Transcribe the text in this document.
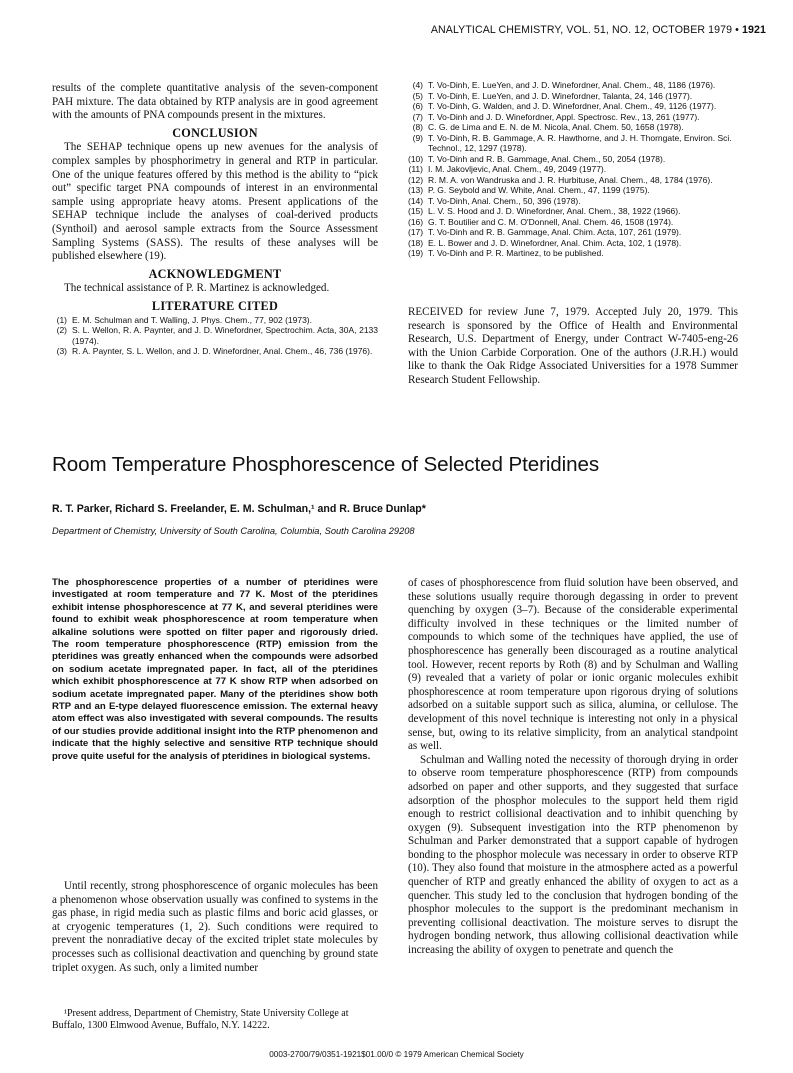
ANALYTICAL CHEMISTRY, VOL. 51, NO. 12, OCTOBER 1979 • 1921

results of the complete quantitative analysis of the seven-component PAH mixture. The data obtained by RTP analysis are in good agreement with the amounts of PNA compounds present in the mixtures.

CONCLUSION

The SEHAP technique opens up new avenues for the analysis of complex samples by phosphorimetry in general and RTP in particular. One of the unique features offered by this method is the ability to “pick out” specific target PNA compounds of interest in an environmental sample using appropriate heavy atoms. Present applications of the SEHAP technique include the analyses of coal-derived products (Synthoil) and aerosol sample extracts from the Source Assessment Sampling Systems (SASS). The results of these analyses will be published elsewhere (19).

ACKNOWLEDGMENT

The technical assistance of P. R. Martinez is acknowledged.

LITERATURE CITED
(1) E. M. Schulman and T. Walling, J. Phys. Chem., 77, 902 (1973).
(2) S. L. Wellon, R. A. Paynter, and J. D. Winefordner, Spectrochim. Acta, 30A, 2133 (1974).
(3) R. A. Paynter, S. L. Wellon, and J. D. Winefordner, Anal. Chem., 46, 736 (1976).
(4) T. Vo-Dinh, E. LueYen, and J. D. Winefordner, Anal. Chem., 48, 1186 (1976).
(5) T. Vo-Dinh, E. LueYen, and J. D. Winefordner, Talanta, 24, 146 (1977).
(6) T. Vo-Dinh, G. Walden, and J. D. Winefordner, Anal. Chem., 49, 1126 (1977).
(7) T. Vo-Dinh and J. D. Winefordner, Appl. Spectrosc. Rev., 13, 261 (1977).
(8) C. G. de Lima and E. N. de M. Nicola, Anal. Chem. 50, 1658 (1978).
(9) T. Vo-Dinh, R. B. Gammage, A. R. Hawthorne, and J. H. Thorngate, Environ. Sci. Technol., 12, 1297 (1978).
(10) T. Vo-Dinh and R. B. Gammage, Anal. Chem., 50, 2054 (1978).
(11) I. M. Jakovljevic, Anal. Chem., 49, 2049 (1977).
(12) R. M. A. von Wandruska and J. R. Hurbituse, Anal. Chem., 48, 1784 (1976).
(13) P. G. Seybold and W. White, Anal. Chem., 47, 1199 (1975).
(14) T. Vo-Dinh, Anal. Chem., 50, 396 (1978).
(15) L. V. S. Hood and J. D. Winefordner, Anal. Chem., 38, 1922 (1966).
(16) G. T. Boutilier and C. M. O'Donnell, Anal. Chem. 46, 1508 (1974).
(17) T. Vo-Dinh and R. B. Gammage, Anal. Chim. Acta, 107, 261 (1979).
(18) E. L. Bower and J. D. Winefordner, Anal. Chim. Acta, 102, 1 (1978).
(19) T. Vo-Dinh and P. R. Martinez, to be published.

RECEIVED for review June 7, 1979. Accepted July 20, 1979. This research is sponsored by the Office of Health and Environmental Research, U.S. Department of Energy, under Contract W-7405-eng-26 with the Union Carbide Corporation. One of the authors (J.R.H.) would like to thank the Oak Ridge Associated Universities for a 1978 Summer Research Student Fellowship.

Room Temperature Phosphorescence of Selected Pteridines
R. T. Parker, Richard S. Freelander, E. M. Schulman,¹ and R. Bruce Dunlap*
Department of Chemistry, University of South Carolina, Columbia, South Carolina 29208
The phosphorescence properties of a number of pteridines were investigated at room temperature and 77 K. Most of the pteridines exhibit intense phosphorescence at 77 K, and several pteridines were found to exhibit weak phosphorescence at room temperature when alkaline solutions were spotted on filter paper and rigorously dried. The room temperature phosphorescence (RTP) emission from the pteridines was greatly enhanced when the compounds were adsorbed on sodium acetate impregnated paper. In fact, all of the pteridines which exhibit phosphorescence at 77 K show RTP when adsorbed on sodium acetate impregnated paper. Many of the pteridines show both RTP and an E-type delayed fluorescence emission. The external heavy atom effect was also investigated with several compounds. The results of our studies provide additional insight into the RTP phenomenon and indicate that the highly selective and sensitive RTP technique should prove quite useful for the analysis of pteridines in biological systems.

Until recently, strong phosphorescence of organic molecules has been a phenomenon whose observation usually was confined to systems in the gas phase, in rigid media such as plastic films and boric acid glasses, or at cryogenic temperatures (1, 2). Such conditions were required to prevent the nonradiative decay of the excited triplet state molecules by processes such as collisional deactivation and quenching by ground state triplet oxygen. As such, only a limited number

¹Present address, Department of Chemistry, State University College at Buffalo, 1300 Elmwood Avenue, Buffalo, N.Y. 14222.

of cases of phosphorescence from fluid solution have been observed, and these solutions usually require thorough degassing in order to prevent quenching by oxygen (3–7). Because of the considerable experimental difficulty involved in these techniques or the limited number of compounds to which some of the techniques have applied, the use of phosphorescence has generally been discouraged as a routine analytical tool. However, recent reports by Roth (8) and by Schulman and Walling (9) revealed that a variety of polar or ionic organic molecules exhibit phosphorescence at room temperature upon rigorous drying of solutions adsorbed on a suitable support such as silica, alumina, or cellulose. The development of this novel technique is interesting not only in a physical sense, but, owing to its relative simplicity, from an analytical standpoint as well.

Schulman and Walling noted the necessity of thorough drying in order to observe room temperature phosphorescence (RTP) from compounds adsorbed on paper and other supports, and they suggested that surface adsorption of the phosphor molecules to the support held them rigid enough to restrict collisional deactivation and to inhibit quenching by oxygen (9). Subsequent investigation into the RTP phenomenon by Schulman and Parker demonstrated that a support capable of hydrogen bonding to the phosphor molecule was necessary in order to observe RTP (10). They also found that moisture in the atmosphere acted as a powerful quencher of RTP and greatly enhanced the ability of oxygen to act as a quencher. This study led to the conclusion that hydrogen bonding of the phosphor molecules to the support is the predominant mechanism in preventing collisional deactivation. The moisture serves to disrupt the hydrogen bonding network, thus allowing collisional deactivation while increasing the ability of oxygen to penetrate and quench the

0003-2700/79/0351-1921$01.00/0 © 1979 American Chemical Society
